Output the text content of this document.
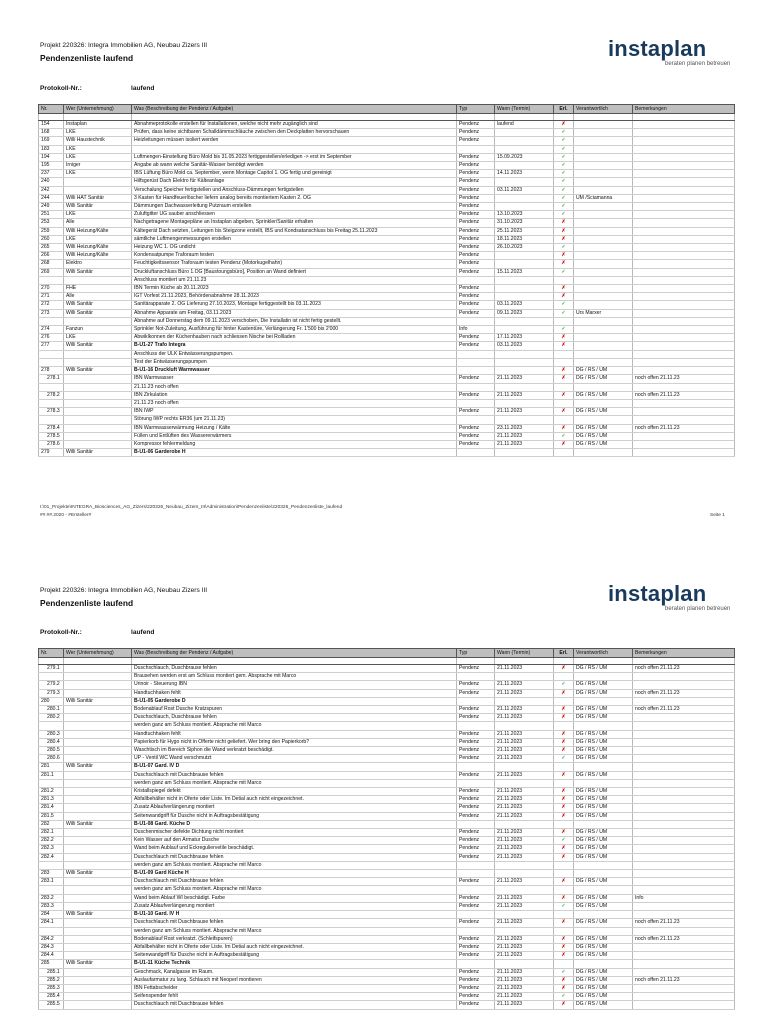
Projekt 220326: Integra Immobilien AG, Neubau Zizers III
Pendenzenliste laufend	instaplan
beraten planen betreuen
Protokoll-Nr.:	laufend
Nr.	Wer (Unternehmung)	Was (Beschreibung der Pendenz / Aufgabe)	Typ	Wann (Termin)	Erl.	Verantwortlich	Bemerkungen

154	Instaplan	Abnahmeprotokolle erstellen für Installationen, welche nicht mehr zugänglich sind	Pendenz	laufend	✗		
168	LKE	Prüfen, dass keine sichtbaren Schalldämmschläuche zwischen den Deckplatten hervorschauen	Pendenz		✓		
169	Willi Haustechnik	Heizleitungen müssen isoliert werden	Pendenz		✓		
183	LKE				✓		
194	LKE	Luftmengen-Einstellung Büro Mold bis 31.05.2023 fertiggestellen/erledigen -> erst im September	Pendenz	15.09.2023	✓		
195	Irniger	Angabe ab wann welche Sanitär-Wasser benötigt werden	Pendenz		✓		
237	LKE	IBS Lüftung Büro Mold ca. September, wenn Montage Capitol 1. OG fertig und gereinigt	Pendenz	14.11.2023	✓		
240		Hilfsgerüst Dach Elektro für Kälteanlage	Pendenz		✓		
242		Verschalung Speicher fertigstellen und Anschluss-Dämmungen fertigstellen	Pendenz	03.11.2023	✓		
244	Willi HAT Sanitär	3 Kasten für Handfeuerlöscher liefern analog bereits montiertem Kasten 2. OG	Pendenz		✓	UM /Sciamanna	
249	Willi Sanitär	Dämmungen Dachwasserleitung Putzraum erstellen	Pendenz		✓		
251	LKE	Zuluftgitter UG sauber anschliessen	Pendenz	13.10.2023	✓		
253	Alle	Nachgetragene Montagepläne an Instaplan abgeben, Sprinkler/Sanitär erhalten	Pendenz	31.10.2023	✗		
259	Willi Heizung/Kälte	Kältegerät Dach setzten, Leitungen bis Steigzone erstellt, IBS und Kondsatanschluss bis Freitag 25.11.2023	Pendenz	25.11.2023	✗		
260	LKE	sämtliche Luftmengenmessungen erstellen	Pendenz	18.11.2023	✗		
265	Willi Heizung/Kälte	Heizung WC 1. OG undicht	Pendenz	26.10.2023	✓		
266	Willi Heizung/Kälte	Kondensatpumpe Traforaum testen	Pendenz		✗		
268	Elektro	Feuchtigkeitssensor Traforaum testen Pendenz (Motorkugelhahn)	Pendenz		✗		
269	Willi Sanitär	Druckluftanschluss Büro 1.OG [Baustoungsbüro], Position an Wand definiert	Pendenz	15.11.2023	✓		
		Anschluss montiert um 21.11.23					
270	FHE	IBN Termin Küche ab 20.11.2023	Pendenz		✗		
271	Alle	IGT Vorfest 21.11.2023, Behördenabnahme 28.11.2023	Pendenz		✗		
272	Willi Sanitär	Sanitärapparate 2. OG Lieferung 27.10.2023, Montage fertiggestellt bis 03.11.2023	Pendenz	03.11.2023	✓		
273	Willi Sanitär	Abnahme Apparate am Freitag, 03.11.2023	Pendenz	09.11.2023	✓	Urs Marxer	
		Abnahme auf Donnerstag dem 09.11.2023 verschoben, Die Installatin ist nicht fertig gestellt.					
274	Fanzun	Sprinkler Not-Zuleitung, Ausführung für hinter Kastentüre, Verlängerung Fr. 1'500 bis 2'000	Info		✓		
276	LKE	Abwiklkonnen der Küchenhauben nach schliessen Nische bei Rollladen	Pendenz	17.11.2023	✗		
277	Willi Sanitär	B-U1-27 Trafo Integra	Pendenz	03.11.2023	✗		
		Anschluss der ULK Entwässerungspumpen.					
		Test der Entwässerungspumpen					
278	Willi Sanitär	B-U1-16 Druckluft Warmwasser			✗	DG / RS / UM	
278.1		IBN Warmwasser	Pendenz	21.11.2023	✗	DG / RS / UM	noch offen 21.11.23
		21.11.23 noch offen					
278.2		IBN Zirkulation	Pendenz	21.11.2023	✗	DG / RS / UM	noch offen 21.11.23
		21.11.23 noch offen					
278.3		IBN IWP	Pendenz	21.11.2023	✗	DG / RS / UM	
		Störung IWP rechts ER36 (um 21.11.23)					
278.4		IBN Warmwasserwärmung Heizung / Kälte	Pendenz	23.11.2023	✗	DG / RS / UM	noch offen 21.11.23
278.5		Füllen und Entlüften des Wassererwärmers	Pendenz	21.11.2023	✓	DG / RS / UM	
278.6		Kompressor fehlermeldung	Pendenz	21.11.2023	✗	DG / RS / UM	
279	Willi Sanitär	B-U1-06 Garderobe H					
I:\01_Projekte\INTEGRA_Biosciences_AG_Zizers\220326_Neubau_Zizers_III\Administration\Pendenzenliste\220326_Pendenzenliste_laufend
##.##.2020 - #Ersteller#	Seite 1
Projekt 220326: Integra Immobilien AG, Neubau Zizers III
Pendenzenliste laufend	instaplan
beraten planen betreuen
Protokoll-Nr.:	laufend
Nr.	Wer (Unternehmung)	Was (Beschreibung der Pendenz / Aufgabe)	Typ	Wann (Termin)	Erl.	Verantwortlich	Bemerkungen

279.1		Duschschlauch, Duschbrause fehlen	Pendenz	21.11.2023	✗	DG / RS / UM	noch offen 21.11.23
		Brausehen werden erst am Schluss montiert gem. Absprache mit Marco					
279.2		Urinoir - Steuerung IBN	Pendenz	21.11.2023	✓	DG / RS / UM	
279.3		Handtuchhaken fehlt	Pendenz	21.11.2023	✗	DG / RS / UM	noch offen 21.11.23
280	Willi Sanitär	B-U1-05 Garderobe D					
280.1		Bodenablauf Rost Dusche Kratzspuren	Pendenz	21.11.2023	✗	DG / RS / UM	noch offen 21.11.23
280.2		Duschschlauch, Duschbrause fehlen	Pendenz	21.11.2023	✗	DG / RS / UM	
		werden ganz am Schluss montiert. Absprache mit Marco					
280.3		Handtuchhaken fehlt	Pendenz	21.11.2023	✗	DG / RS / UM	
280.4		Papierkorb für Hygo nicht in Offerte nicht geliefert. Wer bring den Papierkorb?	Pendenz	21.11.2023	✗	DG / RS / UM	
280.5		Waschtisch im Bereich Siphon die Wand verkratzt beschädigt.	Pendenz	21.11.2023	✗	DG / RS / UM	
280.6		UP - Ventil WC Wand verschmutzt	Pendenz	21.11.2023	✓	DG / RS / UM	
281	Willi Sanitär	B-U1-07 Gard. IV D					
281.1		Duschschlauch mit Duschbrause fehlen	Pendenz	21.11.2023	✗	DG / RS / UM	
		werden ganz am Schluss montiert. Absprache mit Marco					
281.2		Kristallspiegel defekt	Pendenz	21.11.2023	✗	DG / RS / UM	
281.3		Abfallbehälter nicht in Oferte oder Liste. Im Detial auch nicht eingezeichnet.	Pendenz	21.11.2023	✗	DG / RS / UM	
281.4		Zusatz Ablaufverlängerung montiert	Pendenz	21.11.2023	✗	DG / RS / UM	
281.5		Seitenwandgriff für Dusche nicht in Auftragsbestätigung	Pendenz	21.11.2023	✗	DG / RS / UM	
282	Willi Sanitär	B-U1-08 Gard. Küche D					
282.1		Duschenmischer defekte Dichtung nicht montiert	Pendenz	21.11.2023	✗	DG / RS / UM	
282.2		Kein Wasser auf den Armatur Dusche	Pendenz	21.11.2023	✓	DG / RS / UM	
282.3		Wand beim Aublauf und Eckreguliervetile beschädigt.	Pendenz	21.11.2023	✗	DG / RS / UM	
282.4		Duschschlauch mit Duschbrause fehlen	Pendenz	21.11.2023	✗	DG / RS / UM	
		werden ganz am Schluss montiert. Absprache mit Marco					
283	Willi Sanitär	B-U1-09 Gard Küche H					
283.1		Duschschlauch mit Duschbrause fehlen	Pendenz	21.11.2023	✗	DG / RS / UM	
		werden ganz am Schluss montiert. Absprache mit Marco					
283.2		Wand beim Ablauf WI beschädigt. Farbe	Pendenz	21.11.2023	✗	DG / RS / UM	Info
283.3		Zusatz Ablaufverlängerung montiert	Pendenz	21.11.2023	✓	DG / RS / UM	
284	Willi Sanitär	B-U1-10 Gard. IV H					
284.1		Duschschlauch mit Duschbrause fehlen	Pendenz	21.11.2023	✗	DG / RS / UM	noch offen 21.11.23
		werden ganz am Schluss montiert. Absprache mit Marco					
284.2		Bodenablauf Rost verkratzt. (Schleifspuren)	Pendenz	21.11.2023	✗	DG / RS / UM	noch offen 21.11.23
284.3		Abfallbehälter nicht in Oferte oder Liste. Im Detial auch nicht eingezeichnet.	Pendenz	21.11.2023	✗	DG / RS / UM	
284.4		Seitenwandgriff für Dusche nicht in Auftragsbestätigung	Pendenz	21.11.2023	✗	DG / RS / UM	
285	Willi Sanitär	B-U1-11 Küche Technik					
285.1		Geschmack, Kanalgasse im Raum.	Pendenz	21.11.2023	✓	DG / RS / UM	
285.2		Auslaufarmatur zu lang. Schlauch mit Neoperl montieren	Pendenz	21.11.2023	✗	DG / RS / UM	noch offen 21.11.23
285.3		IBN Fettabscheider	Pendenz	21.11.2023	✗	DG / RS / UM	
285.4		Seifenspender fehlt	Pendenz	21.11.2023	✓	DG / RS / UM	
285.5		Duschschlauch mit Duschbrause fehlen	Pendenz	21.11.2023	✗	DG / RS / UM	
